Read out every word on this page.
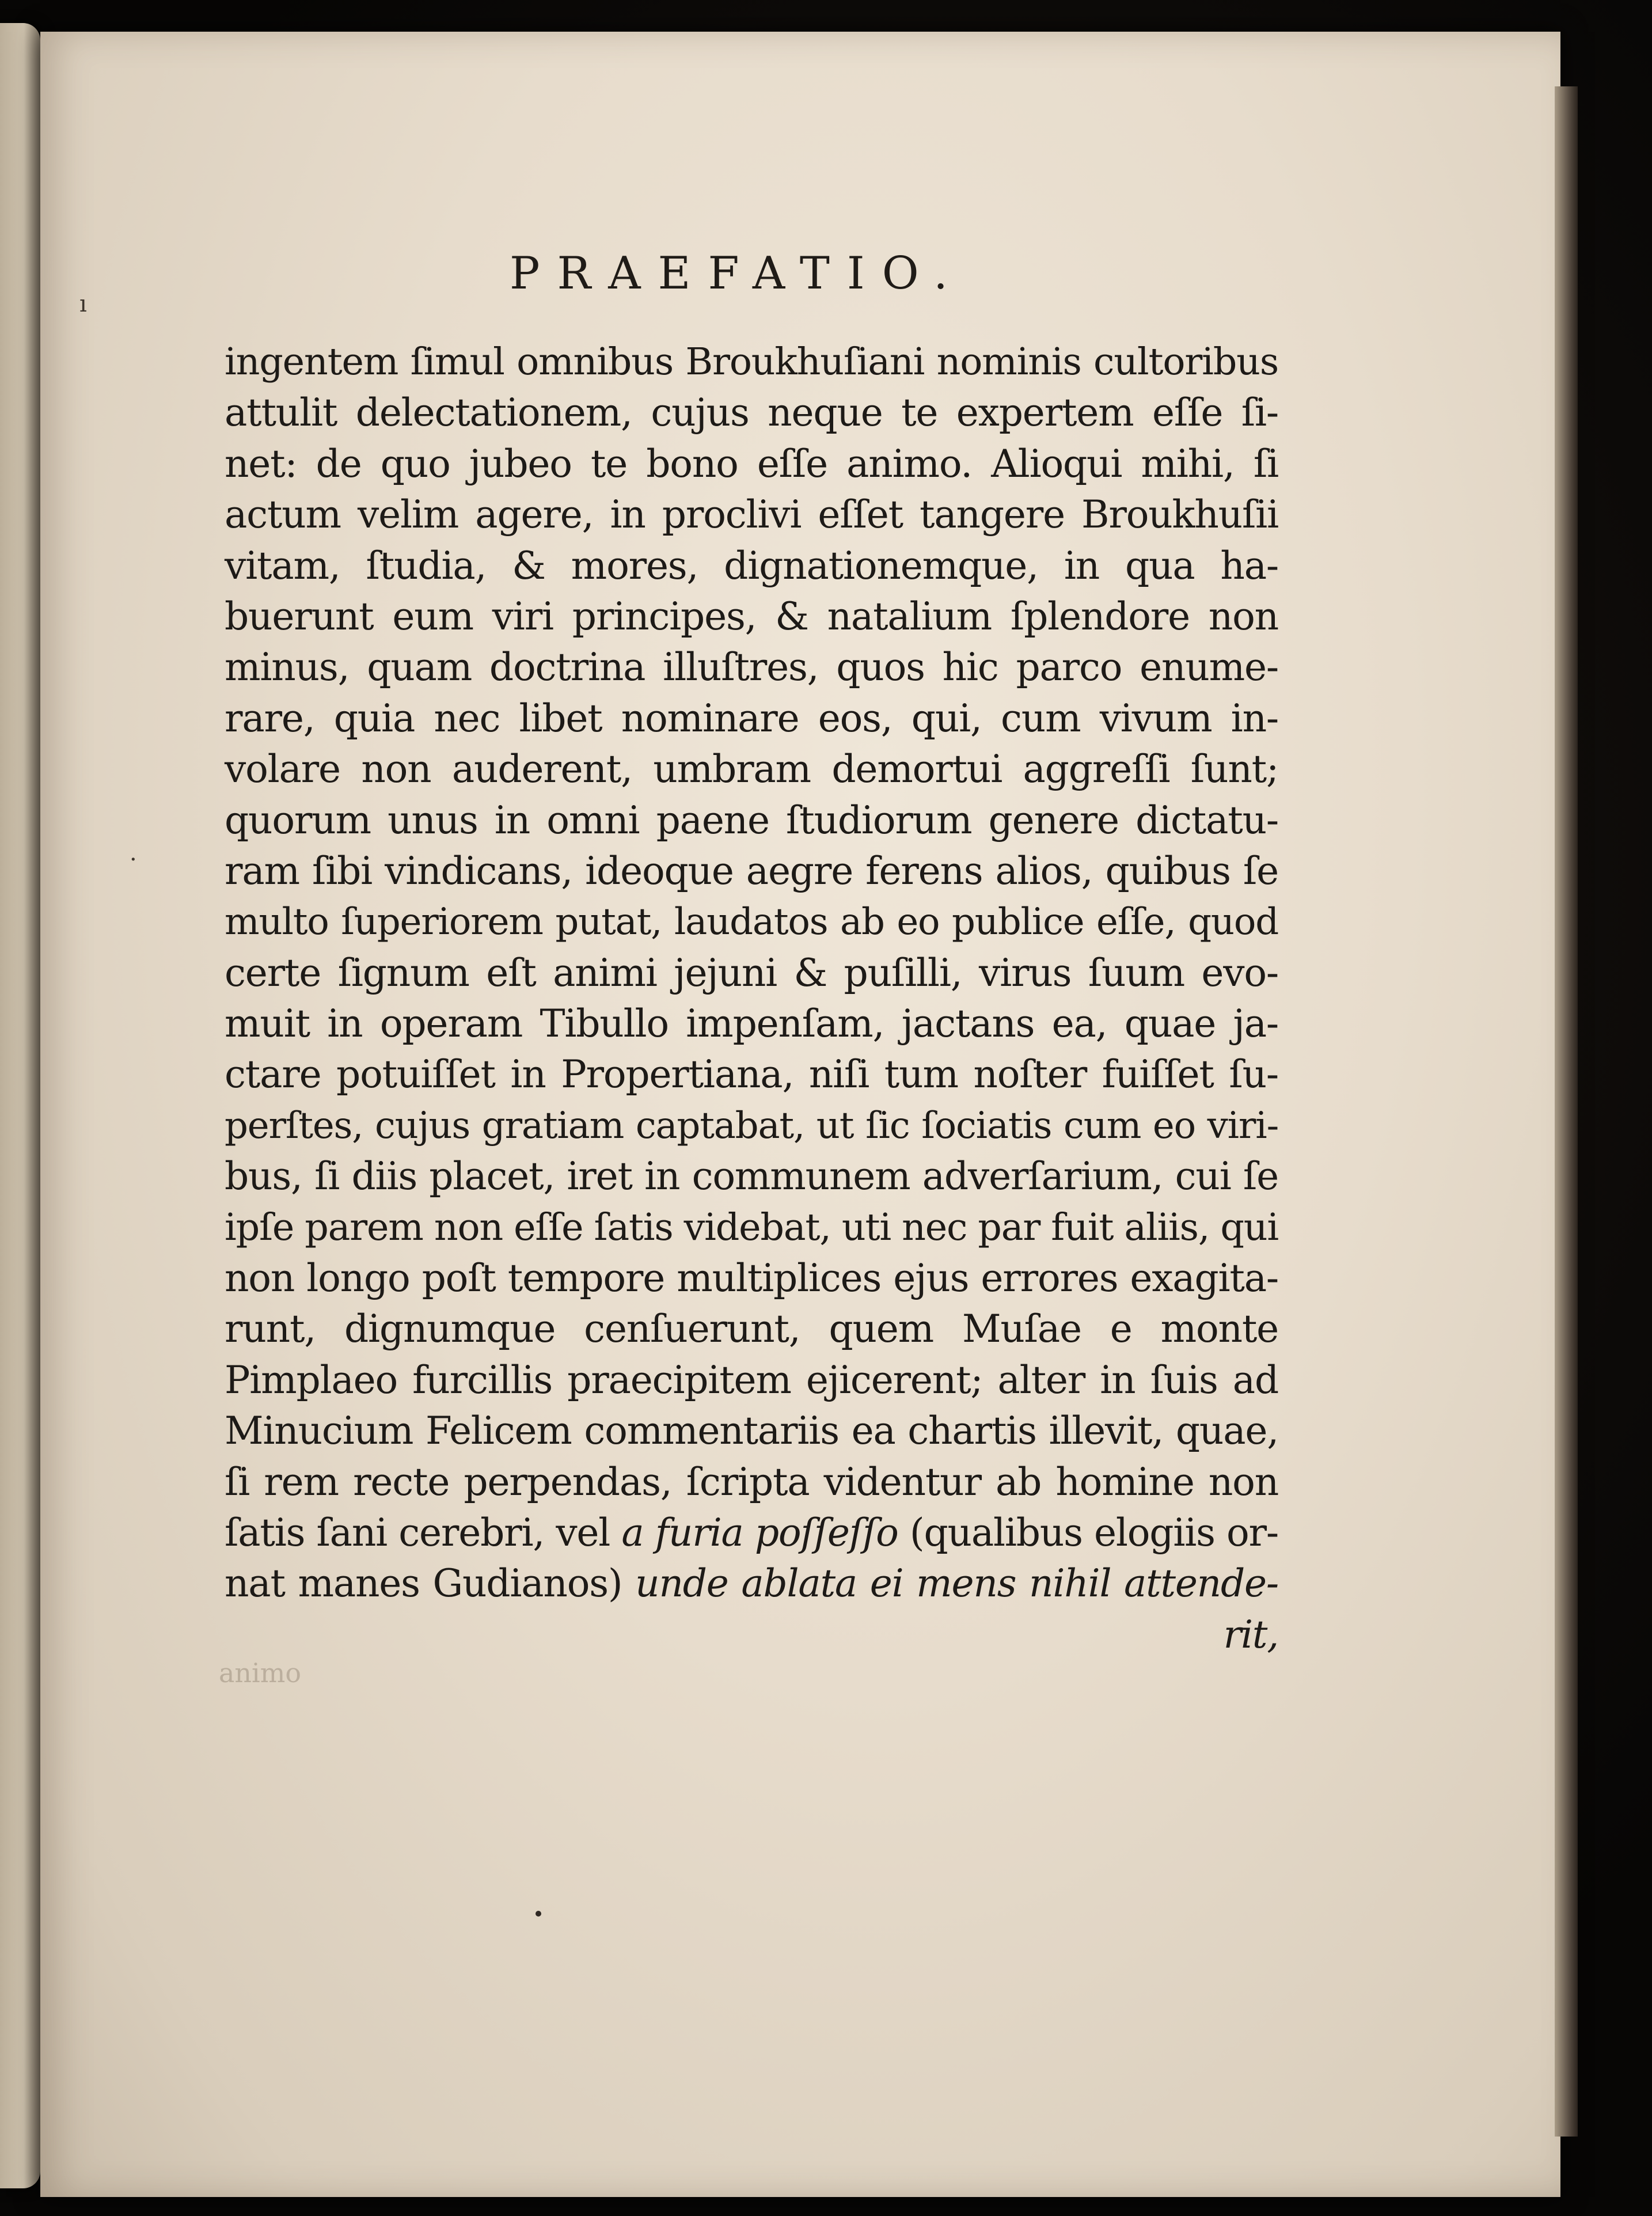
PRAEFATIO.
ı
·
ingentem ſimul omnibus Broukhuſiani nominis cultoribus
attulit delectationem, cujus neque te expertem eſſe ſi-
net: de quo jubeo te bono eſſe animo. Alioqui mihi, ſi
actum velim agere, in proclivi eſſet tangere Broukhuſii
vitam, ſtudia, & mores, dignationemque, in qua ha-
buerunt eum viri principes, & natalium ſplendore non
minus, quam doctrina illuſtres, quos hic parco enume-
rare, quia nec libet nominare eos, qui, cum vivum in-
volare non auderent, umbram demortui aggreſſi ſunt;
quorum unus in omni paene ſtudiorum genere dictatu-
ram ſibi vindicans, ideoque aegre ferens alios, quibus ſe
multo ſuperiorem putat, laudatos ab eo publice eſſe, quod
certe ſignum eſt animi jejuni & puſilli, virus ſuum evo-
muit in operam Tibullo impenſam, jactans ea, quae ja-
ctare potuiſſet in Propertiana, niſi tum noſter fuiſſet ſu-
perſtes, cujus gratiam captabat, ut ſic ſociatis cum eo viri-
bus, ſi diis placet, iret in communem adverſarium, cui ſe
ipſe parem non eſſe ſatis videbat, uti nec par fuit aliis, qui
non longo poſt tempore multiplices ejus errores exagita-
runt, dignumque cenſuerunt, quem Muſae e monte
Pimplaeo furcillis praecipitem ejicerent; alter in ſuis ad
Minucium Felicem commentariis ea chartis illevit, quae,
ſi rem recte perpendas, ſcripta videntur ab homine non
ſatis ſani cerebri, vel a furia poſſeſſo (qualibus elogiis or-
nat manes Gudianos) unde ablata ei mens nihil attende-
rit,
animo
